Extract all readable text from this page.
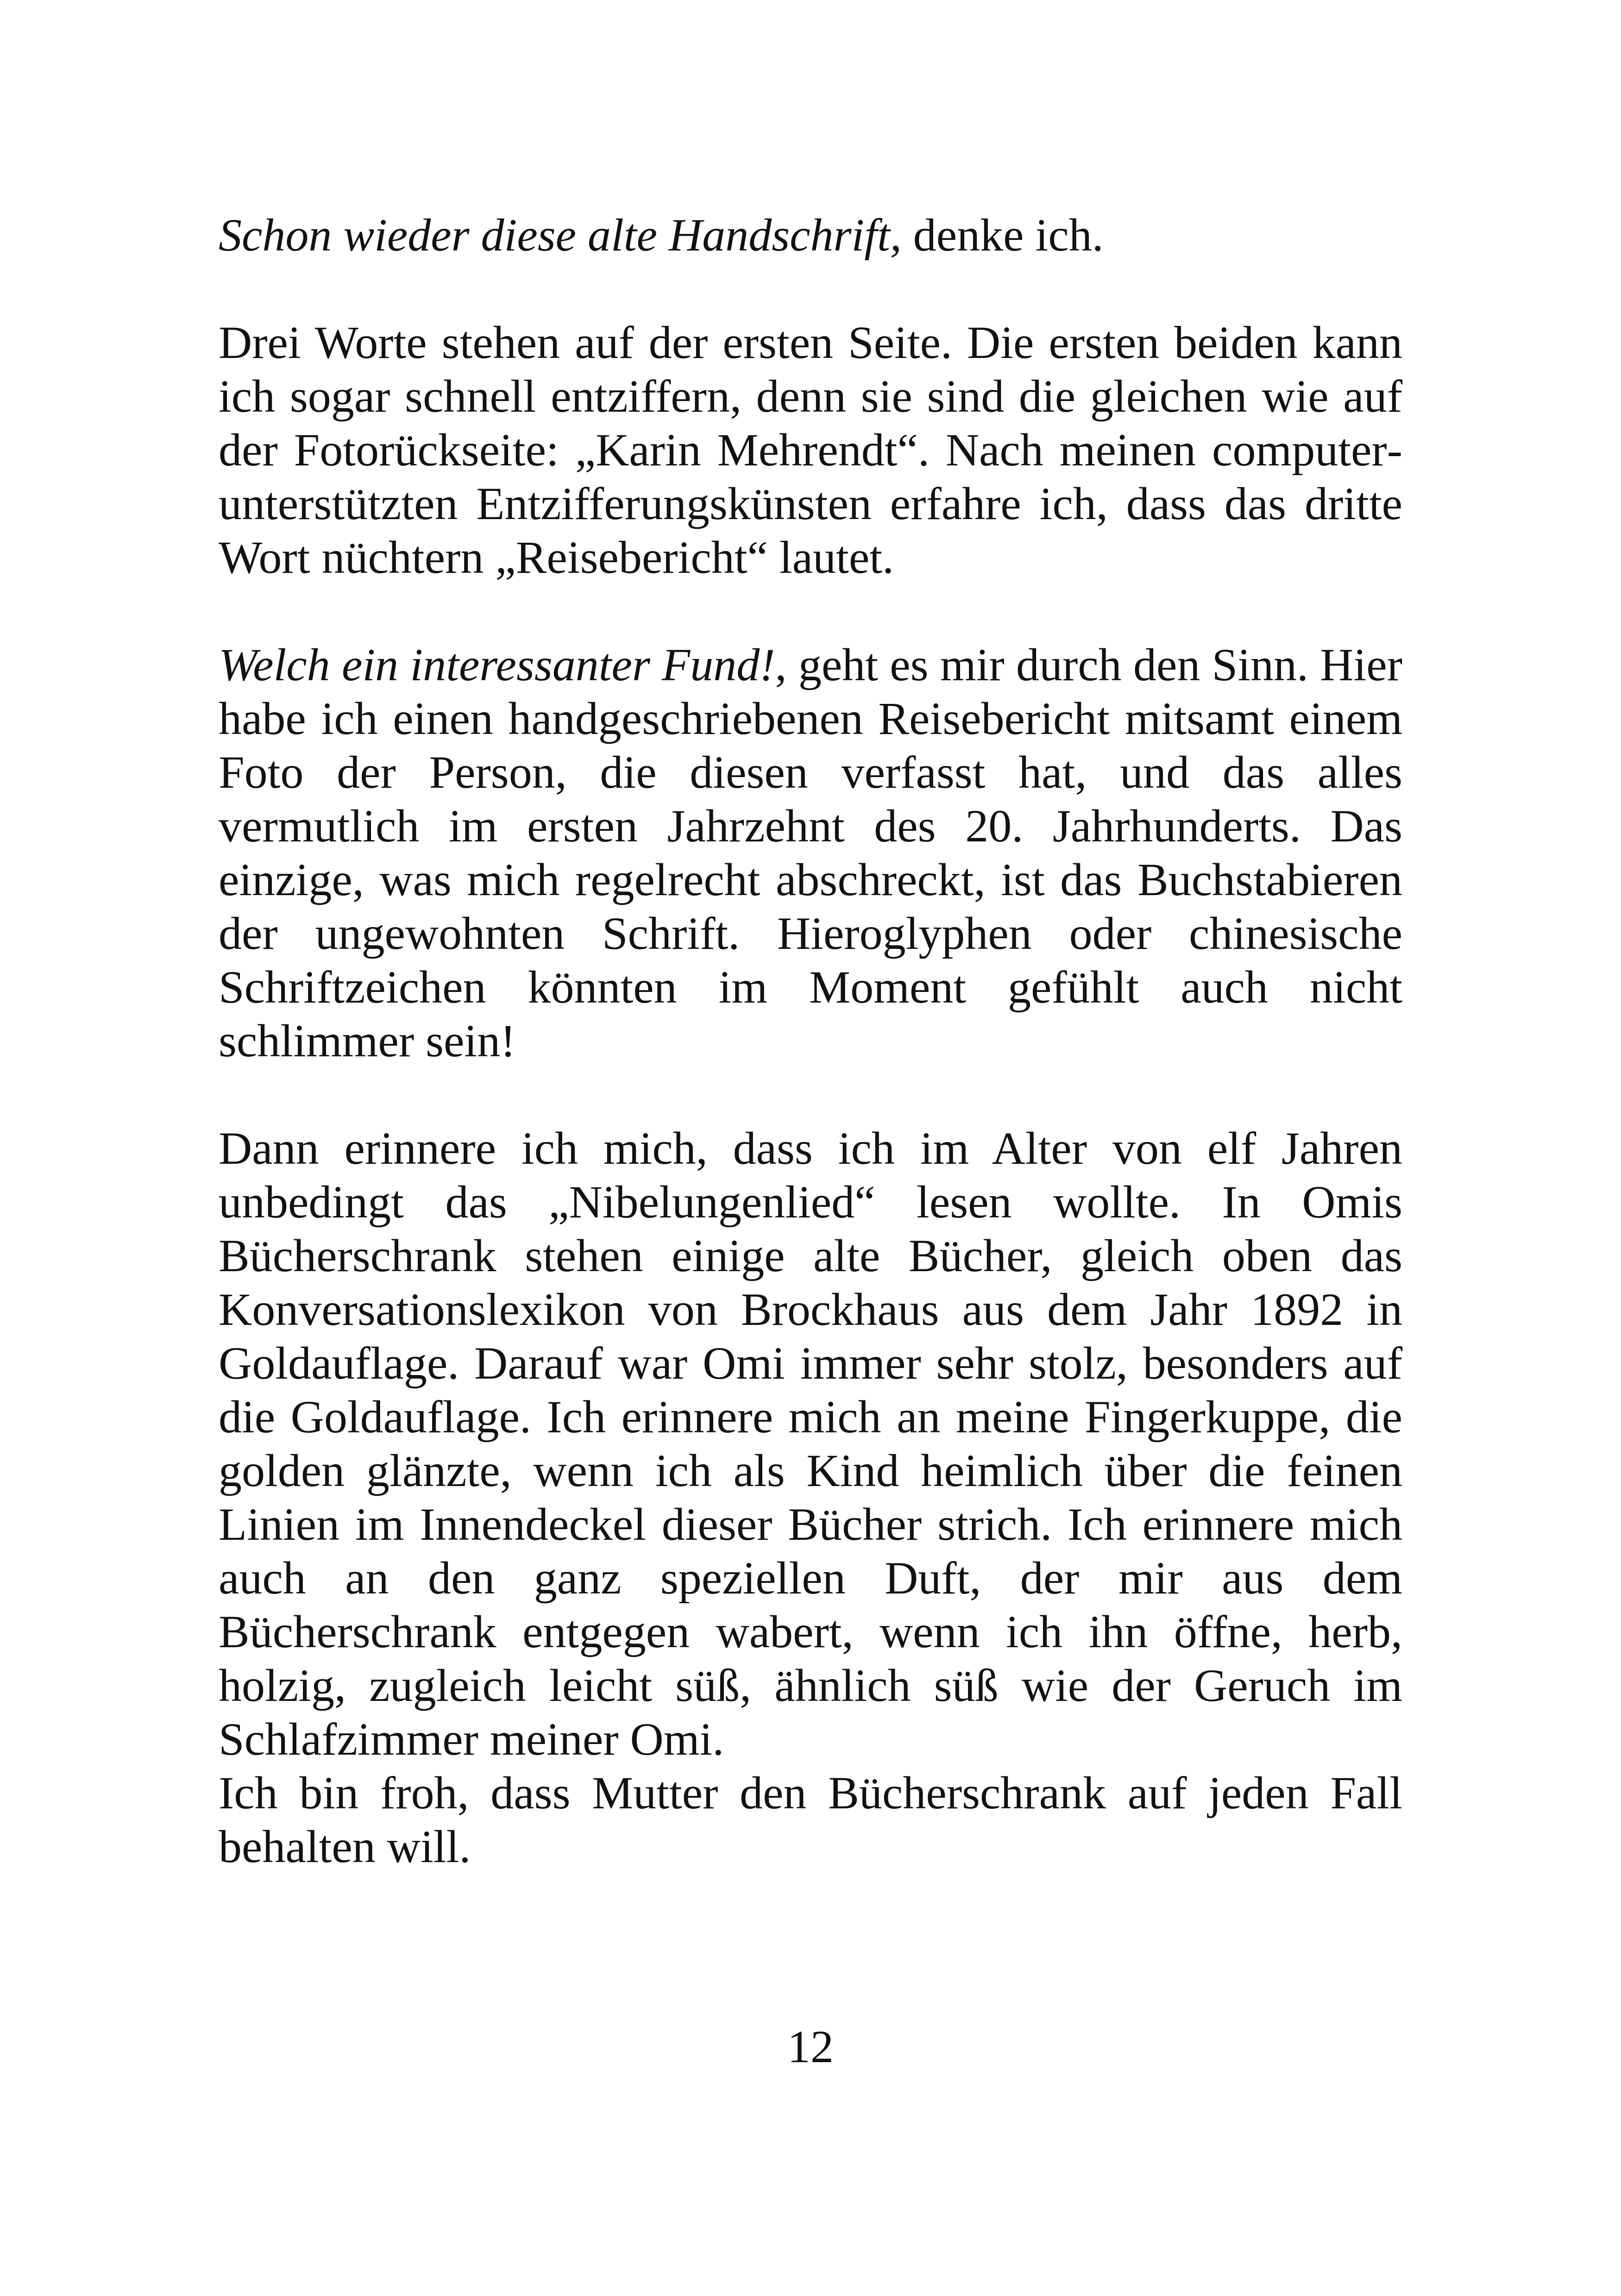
Schon wieder diese alte Handschrift, denke ich.

Drei Worte stehen auf der ersten Seite. Die ersten beiden kann ich sogar schnell entziffern, denn sie sind die gleichen wie auf der Fotorückseite: „Karin Mehrendt“. Nach meinen computerunterstützten Entzifferungskünsten erfahre ich, dass das dritte Wort nüchtern „Reisebericht“ lautet.

Welch ein interessanter Fund!, geht es mir durch den Sinn. Hier habe ich einen handgeschriebenen Reisebericht mitsamt einem Foto der Person, die diesen verfasst hat, und das alles vermutlich im ersten Jahrzehnt des 20. Jahrhunderts. Das einzige, was mich regelrecht abschreckt, ist das Buchstabieren der ungewohnten Schrift. Hieroglyphen oder chinesische Schriftzeichen könnten im Moment gefühlt auch nicht schlimmer sein!

Dann erinnere ich mich, dass ich im Alter von elf Jahren unbedingt das „Nibelungenlied“ lesen wollte. In Omis Bücherschrank stehen einige alte Bücher, gleich oben das Konversationslexikon von Brockhaus aus dem Jahr 1892 in Goldauflage. Darauf war Omi immer sehr stolz, besonders auf die Goldauflage. Ich erinnere mich an meine Fingerkuppe, die golden glänzte, wenn ich als Kind heimlich über die feinen Linien im Innendeckel dieser Bücher strich. Ich erinnere mich auch an den ganz speziellen Duft, der mir aus dem Bücherschrank entgegen wabert, wenn ich ihn öffne, herb, holzig, zugleich leicht süß, ähnlich süß wie der Geruch im Schlafzimmer meiner Omi.

Ich bin froh, dass Mutter den Bücherschrank auf jeden Fall behalten will.

12
